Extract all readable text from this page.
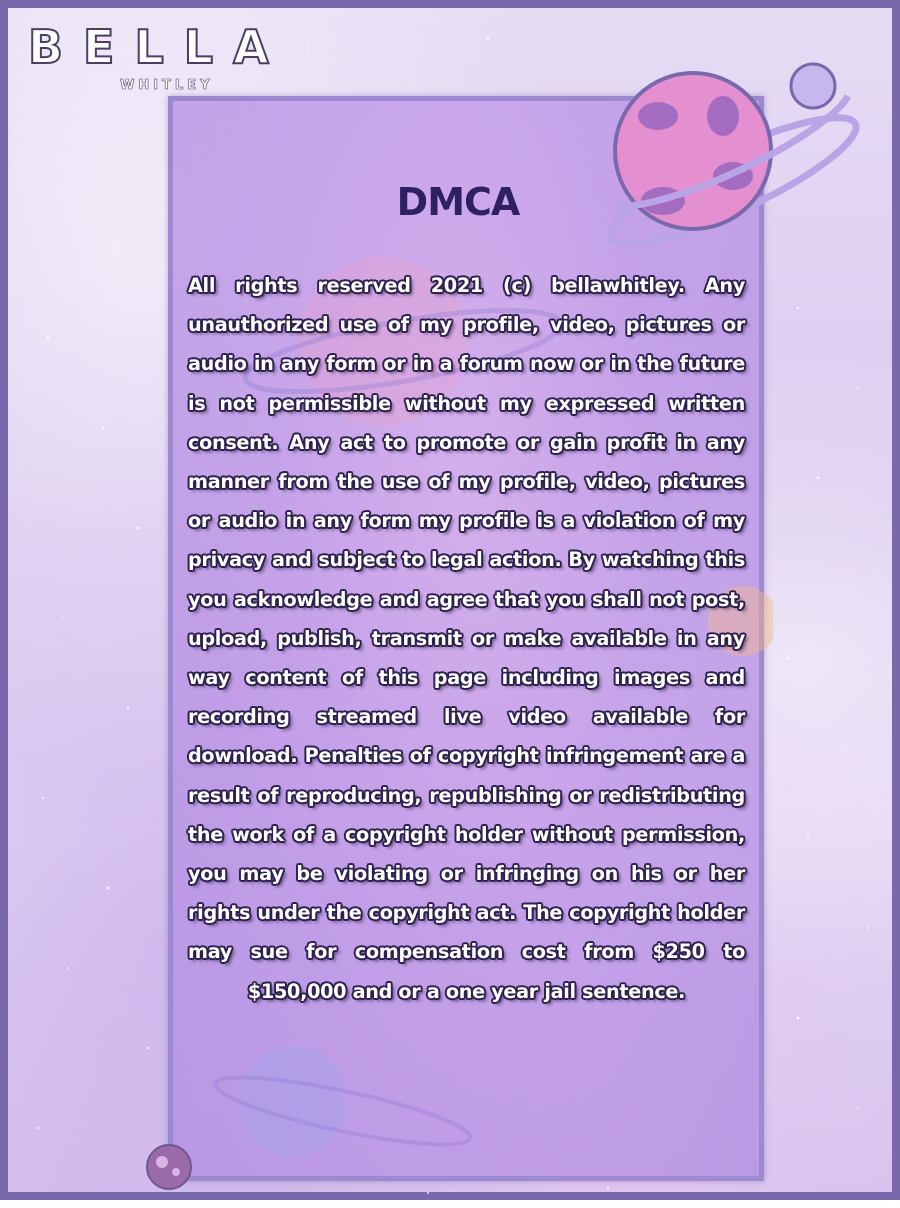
BELLA
WHITLEY
DMCA
All rights reserved 2021 (c) bellawhitley. Any unauthorized use of my profile, video, pictures or audio in any form or in a forum now or in the future is not permissible without my expressed written consent. Any act to promote or gain profit in any manner from the use of my profile, video, pictures or audio in any form my profile is a violation of my privacy and subject to legal action. By watching this you acknowledge and agree that you shall not post, upload, publish, transmit or make available in any way content of this page including images and recording streamed live video available for download. Penalties of copyright infringement are a result of reproducing, republishing or redistributing the work of a copyright holder without permission, you may be violating or infringing on his or her rights under the copyright act. The copyright holder may sue for compensation cost from $250 to $150,000 and or a one year jail sentence.
